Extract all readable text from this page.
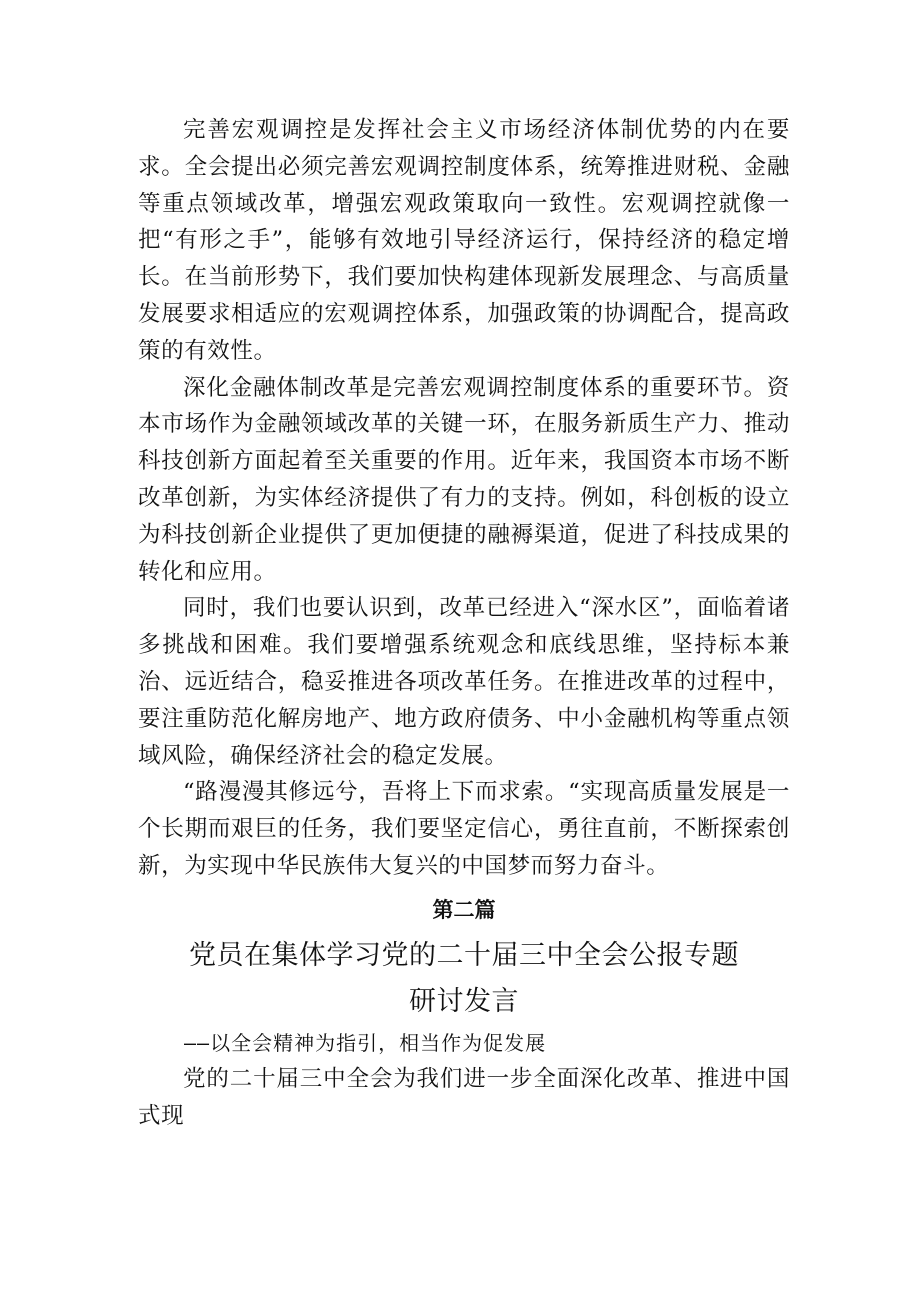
完善宏观调控是发挥社会主义市场经济体制优势的内在要求。全会提出必须完善宏观调控制度体系，统筹推进财税、金融等重点领域改革，增强宏观政策取向一致性。宏观调控就像一把“有形之手”，能够有效地引导经济运行，保持经济的稳定增长。在当前形势下，我们要加快构建体现新发展理念、与高质量发展要求相适应的宏观调控体系，加强政策的协调配合，提高政策的有效性。

深化金融体制改革是完善宏观调控制度体系的重要环节。资本市场作为金融领域改革的关键一环，在服务新质生产力、推动科技创新方面起着至关重要的作用。近年来，我国资本市场不断改革创新，为实体经济提供了有力的支持。例如，科创板的设立为科技创新企业提供了更加便捷的融褥渠道，促进了科技成果的转化和应用。

同时，我们也要认识到，改革已经进入“深水区”，面临着诸多挑战和困难。我们要增强系统观念和底线思维，坚持标本兼治、远近结合，稳妥推进各项改革任务。在推进改革的过程中，要注重防范化解房地产、地方政府债务、中小金融机构等重点领域风险，确保经济社会的稳定发展。

“路漫漫其修远兮，吾将上下而求索。“实现高质量发展是一个长期而艰巨的任务，我们要坚定信心，勇往直前，不断探索创新，为实现中华民族伟大复兴的中国梦而努力奋斗。

第二篇

党员在集体学习党的二十届三中全会公报专题

研讨发言

——以全会精神为指引，相当作为促发展

党的二十届三中全会为我们进一步全面深化改革、推进中国式现
